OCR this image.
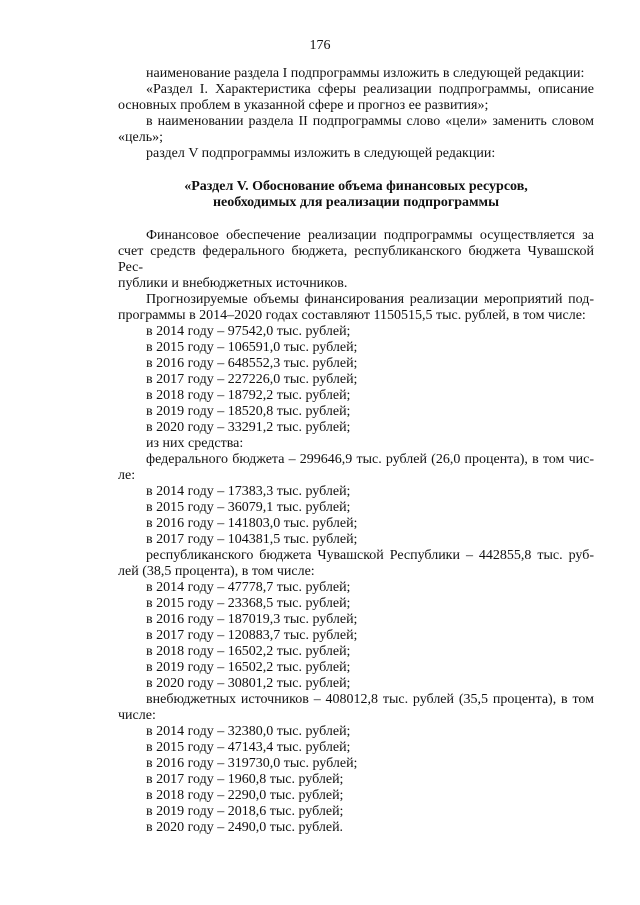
176
наименование раздела I подпрограммы изложить в следующей редакции:
«Раздел I. Характеристика сферы реализации подпрограммы, описание
основных проблем в указанной сфере и прогноз ее развития»;
в наименовании раздела II подпрограммы слово «цели» заменить словом
«цель»;
раздел V подпрограммы изложить в следующей редакции:
«Раздел V. Обоснование объема финансовых ресурсов,
необходимых для реализации подпрограммы
Финансовое обеспечение реализации подпрограммы осуществляется за
счет средств федерального бюджета, республиканского бюджета Чувашской Рес-
публики и внебюджетных источников.
Прогнозируемые объемы финансирования реализации мероприятий под-
программы в 2014–2020 годах составляют 1150515,5 тыс. рублей, в том числе:
в 2014 году – 97542,0 тыс. рублей;
в 2015 году – 106591,0 тыс. рублей;
в 2016 году – 648552,3 тыс. рублей;
в 2017 году – 227226,0 тыс. рублей;
в 2018 году – 18792,2 тыс. рублей;
в 2019 году – 18520,8 тыс. рублей;
в 2020 году – 33291,2 тыс. рублей;
из них средства:
федерального бюджета – 299646,9 тыс. рублей (26,0 процента), в том чис-
ле:
в 2014 году – 17383,3 тыс. рублей;
в 2015 году – 36079,1 тыс. рублей;
в 2016 году – 141803,0 тыс. рублей;
в 2017 году – 104381,5 тыс. рублей;
республиканского бюджета Чувашской Республики – 442855,8 тыс. руб-
лей (38,5 процента), в том числе:
в 2014 году – 47778,7 тыс. рублей;
в 2015 году – 23368,5 тыс. рублей;
в 2016 году – 187019,3 тыс. рублей;
в 2017 году – 120883,7 тыс. рублей;
в 2018 году – 16502,2 тыс. рублей;
в 2019 году – 16502,2 тыс. рублей;
в 2020 году – 30801,2 тыс. рублей;
внебюджетных источников – 408012,8 тыс. рублей (35,5 процента), в том
числе:
в 2014 году – 32380,0 тыс. рублей;
в 2015 году – 47143,4 тыс. рублей;
в 2016 году – 319730,0 тыс. рублей;
в 2017 году – 1960,8 тыс. рублей;
в 2018 году – 2290,0 тыс. рублей;
в 2019 году – 2018,6 тыс. рублей;
в 2020 году – 2490,0 тыс. рублей.
